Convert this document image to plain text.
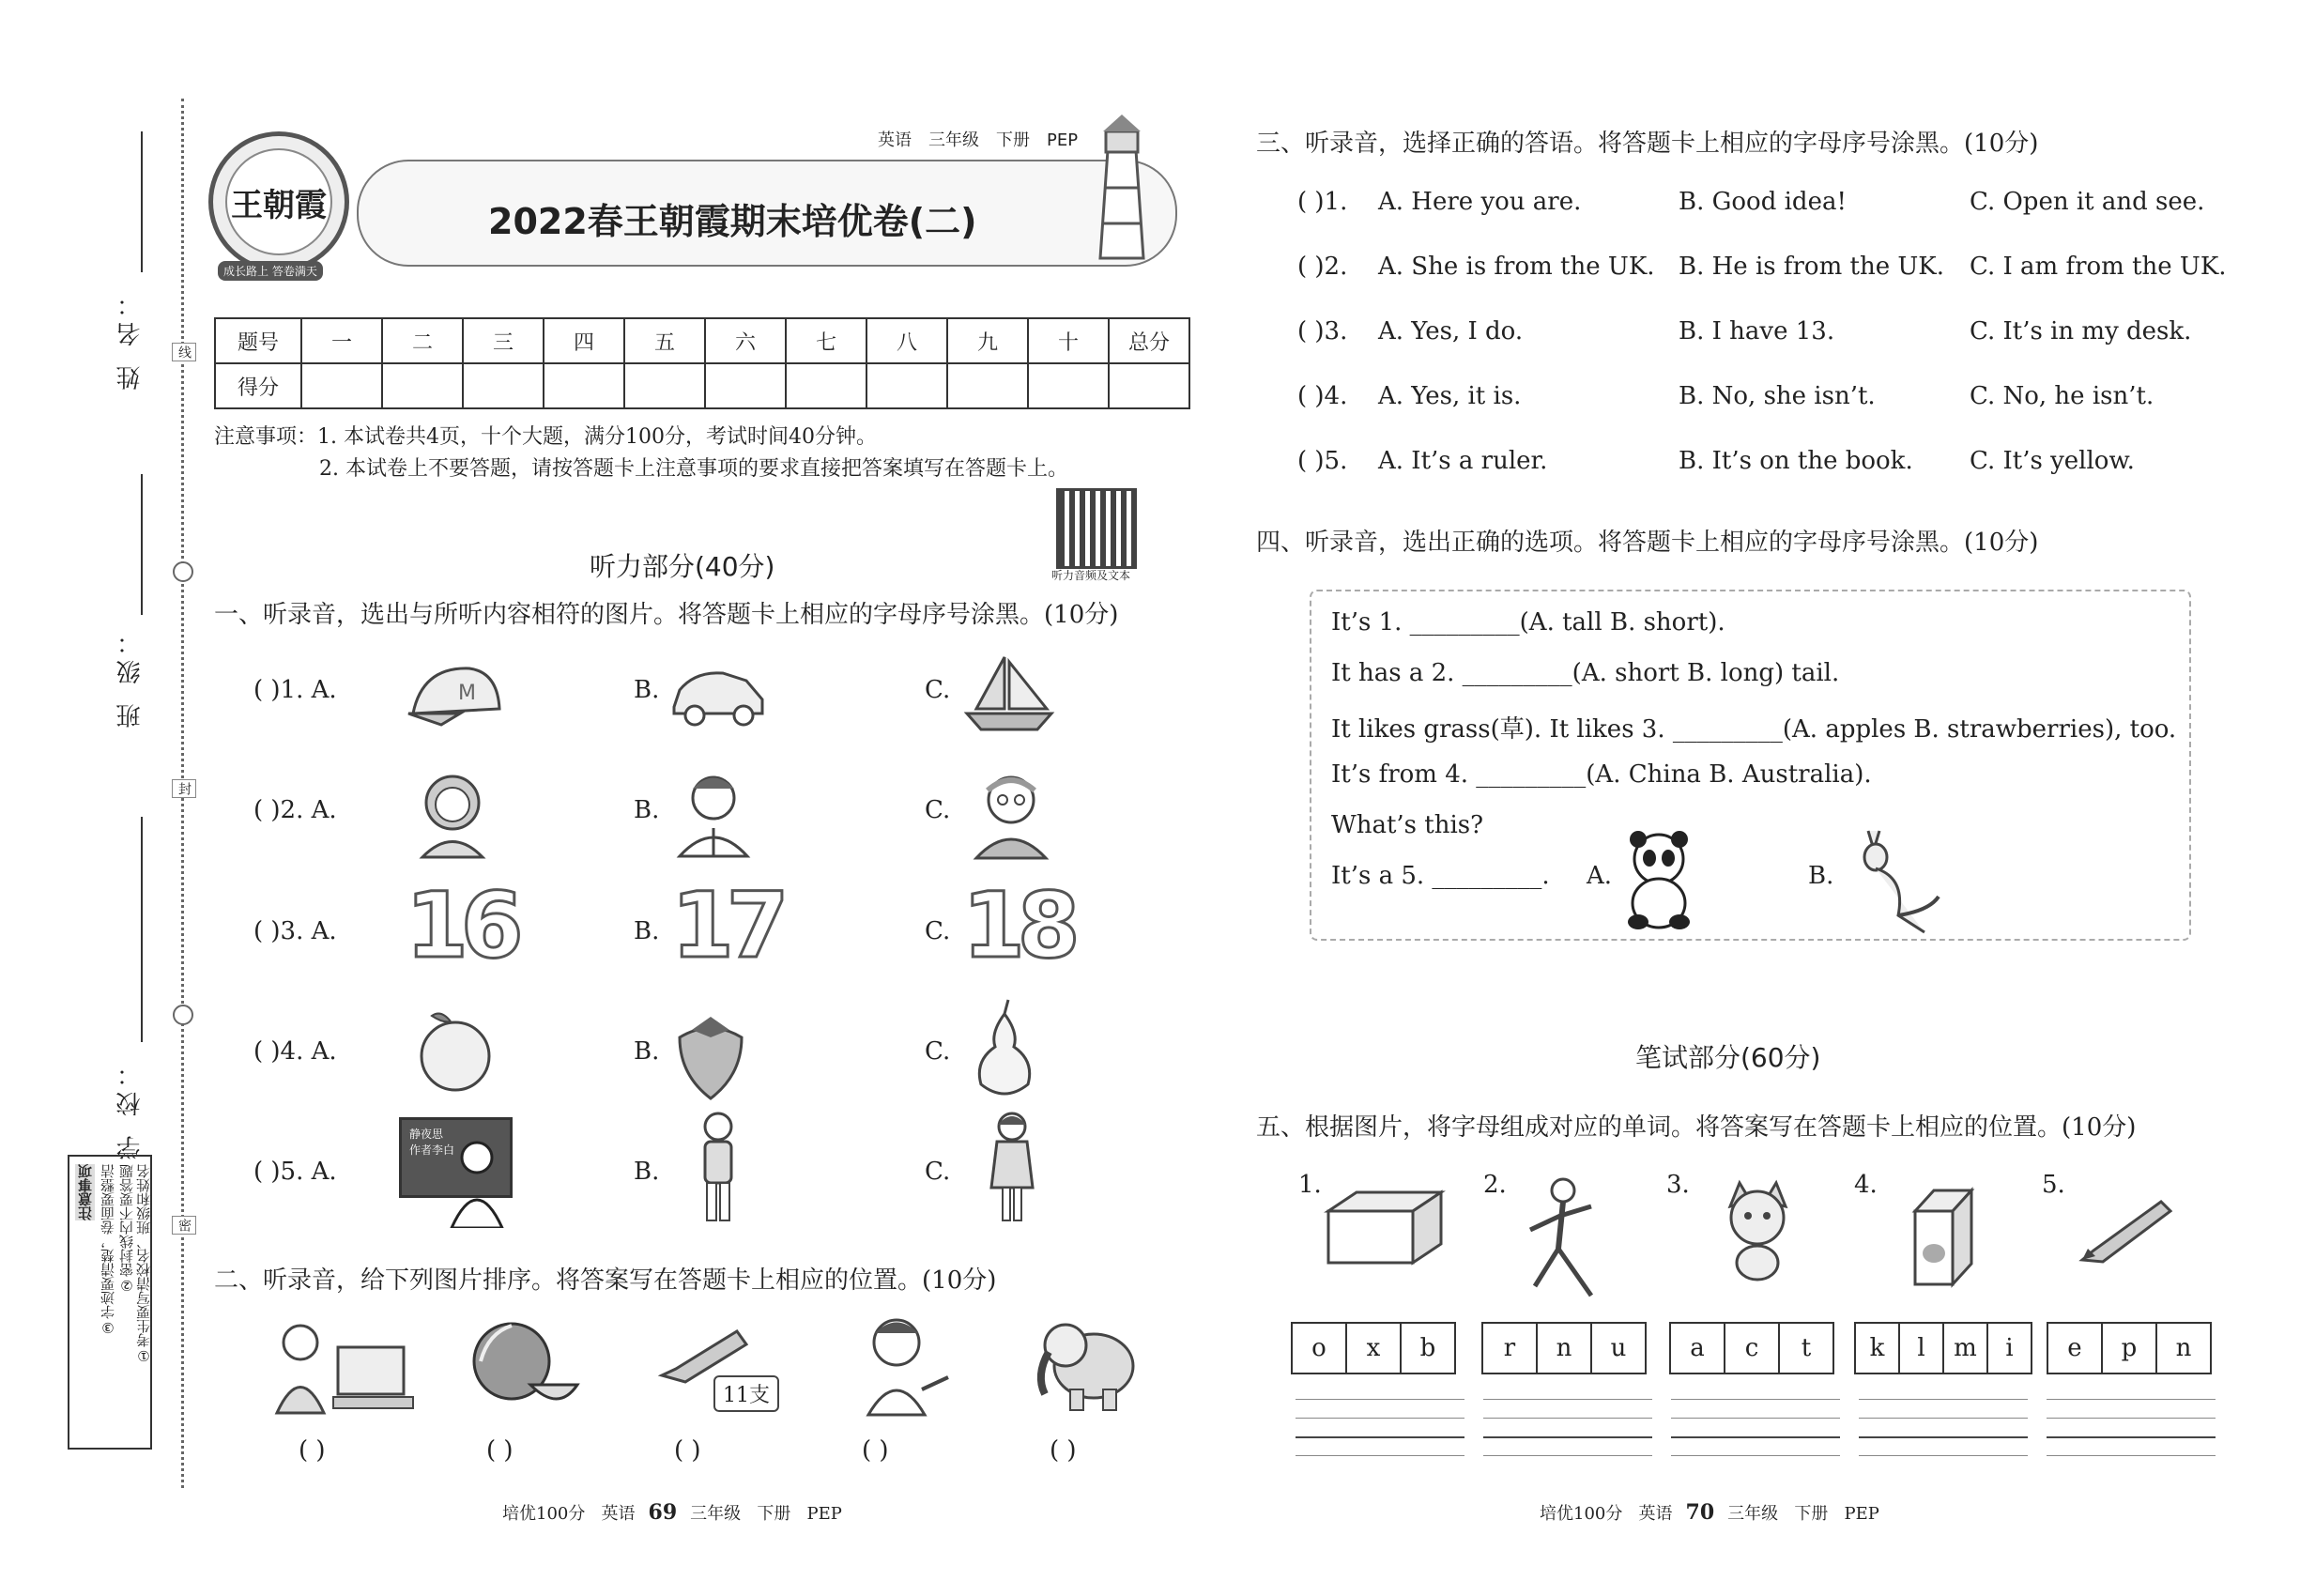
姓 名：
班 级：
学 校：
线
封
密
注意事项 ③字迹要清楚，卷面要整洁 ②密封线内不要答题 ①考生要写清校名、班级和姓名
王朝霞
成长路上 答卷满天
英语 三年级 下册 PEP
2022春王朝霞期末培优卷(二)
题号	一	二	三	四	五	六	七	八	九	十	总分
得分											
注意事项：1. 本试卷共4页，十个大题，满分100分，考试时间40分钟。
2. 本试卷上不要答题，请按答题卡上注意事项的要求直接把答案填写在答题卡上。
听力音频及文本
听力部分(40分)
一、听录音，选出与所听内容相符的图片。将答题卡上相应的字母序号涂黑。(10分)
( )1. A.	M	B.	C.
( )2. A.	B.	C.
( )3. A. 16	B. 17	C. 18
( )4. A.	B.	C.
( )5. A.
静夜思
作者李白
B.	C.
二、听录音，给下列图片排序。将答案写在答题卡上相应的位置。(10分)
11支
( )	( )	( )	( )	( )
培优100分 英语 69 三年级 下册 PEP
三、听录音，选择正确的答语。将答题卡上相应的字母序号涂黑。(10分)
( )1. A. Here you are.	B. Good idea!	C. Open it and see.
( )2. A. She is from the UK. B. He is from the UK. C. I am from the UK.
( )3. A. Yes, I do.	B. I have 13.	C. It’s in my desk.
( )4. A. Yes, it is.	B. No, she isn’t.	C. No, he isn’t.
( )5. A. It’s a ruler.	B. It’s on the book. C. It’s yellow.
四、听录音，选出正确的选项。将答题卡上相应的字母序号涂黑。(10分)
It’s 1. _________(A. tall B. short).
It has a 2. _________(A. short B. long) tail.
It likes grass(草). It likes 3. _________(A. apples B. strawberries), too.
It’s from 4. _________(A. China B. Australia).
What’s this?
It’s a 5. _________. A.	B.
笔试部分(60分)
五、根据图片，将字母组成对应的单词。将答案写在答题卡上相应的位置。(10分)
1.	2.	3.	4.	5.
o	x	b	r	n	u	a	c	t k	l	m	i e	p	n
培优100分 英语 70 三年级 下册 PEP
